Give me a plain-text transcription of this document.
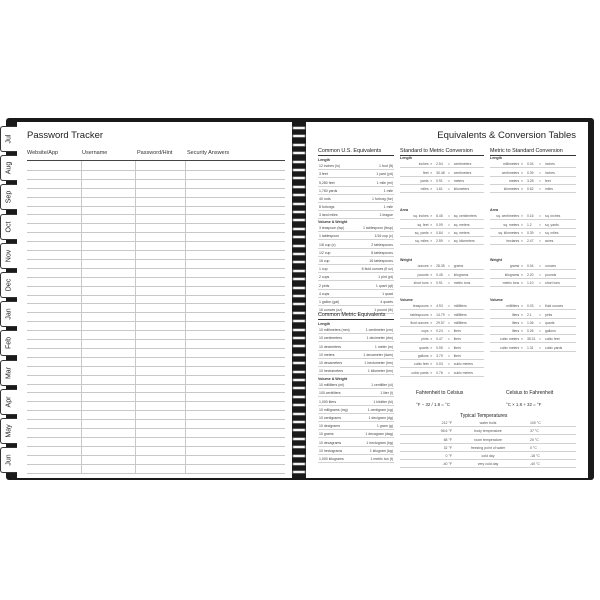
Jul
Aug
Sep
Oct
Nov
Dec
Jan
Feb
Mar
Apr
May
Jun
Password Tracker
Website/App	Username	Password/Hint	Security Answers
Equivalents & Conversion Tables
Common U.S. Equivalents
Length
12 inches (in)	1 foot (ft)
3 feet	1 yard (yd)
5,280 feet	1 mile (mi)
1,760 yards	1 mile
40 rods	1 furlong (fur)
8 furlongs	1 mile
3 land miles	1 league
Volume & Weight
3 teaspoon (tsp)	1 tablespoon (tbsp)
1 tablespoon	1/16 cup (c)
1/8 cup (c)	2 tablespoons
1/2 cup	8 tablespoons
16 cup	16 tablespoons
1 cup	8 fluid ounces (fl oz)
2 cups	1 pint (pt)
2 pints	1 quart (qt)
4 cups	1 quart
1 gallon (gal)	4 quarts
16 ounces (oz)	1 pound (lb)
Common Metric Equivalents
Length
10 millimeters (mm)	1 centimeter (cm)
10 centimeters	1 decimeter (dm)
10 decimeters	1 meter (m)
10 meters	1 decameter (dam)
10 decameters	1 hectometer (hm)
10 hectometers	1 kilometer (km)
Volume & Weight
10 milliliters (ml)	1 centiliter (cl)
100 centiliters	1 liter (l)
1,000 liters	1 kiloliter (kl)
10 milligrams (mg)	1 centigram (cg)
10 centigrams	1 decigram (dg)
10 decigrams	1 gram (g)
10 grams	1 decagram (dag)
10 decagrams	1 hectogram (hg)
10 hectograms	1 kilogram (kg)
1,000 kilograms	1 metric ton (t)
Standard to Metric Conversion
Length
inches × 2.54 = centimeters
feet × 30.48 = centimeters
yards × 0.91 = meters
miles × 1.61 = kilometers
Area
sq. inches × 6.45 = sq. centimeters
sq. feet × 0.09 = sq. meters
sq. yards × 0.84 = sq. meters
sq. miles × 2.59 = sq. kilometers
Weight
ounces × 28.35 = grams
pounds × 0.45 = kilograms
short tons × 0.91 = metric tons
Volume
teaspoons × 4.93 = milliliters
tablespoons × 14.79 = milliliters
fluid ounces × 29.57 = milliliters
cups × 0.24 = liters
pints × 0.47 = liters
quarts × 0.95 = liters
gallons × 3.79 = liters
cubic feet × 0.03 = cubic meters
cubic yards × 0.76 = cubic meters
Metric to Standard Conversion
Length
millimeters × 0.04 = inches
centimeters × 0.39 = inches
meters × 3.28 = feet
kilometers × 0.62 = miles
Area
sq. centimeters × 0.16 = sq. inches
sq. meters × 1.2 = sq. yards
sq. kilometers × 0.39 = sq. miles
hectares × 2.47 = acres
Weight
grams × 0.04 = ounces
kilograms × 2.20 = pounds
metric tons × 1.10 = short tons
Volume
milliliters × 0.03 = fluid ounces
liters × 2.1 = pints
liters × 1.06 = quarts
liters × 0.26 = gallons
cubic meters × 35.31 = cubic feet
cubic meters × 1.31 = cubic yards
Fahrenheit to Celsius
°F − 32 / 1.8 = °C
Celsius to Fahrenheit
°C × 1.8 + 32 = °F
Typical Temperatures
212 °F	water boils	100 °C
98.6 °F	body temperature	37 °C
68 °F	room temperature	20 °C
32 °F	freezing point of water	0 °C
0 °F	cold day	-18 °C
-40 °F	very cold day	-40 °C
